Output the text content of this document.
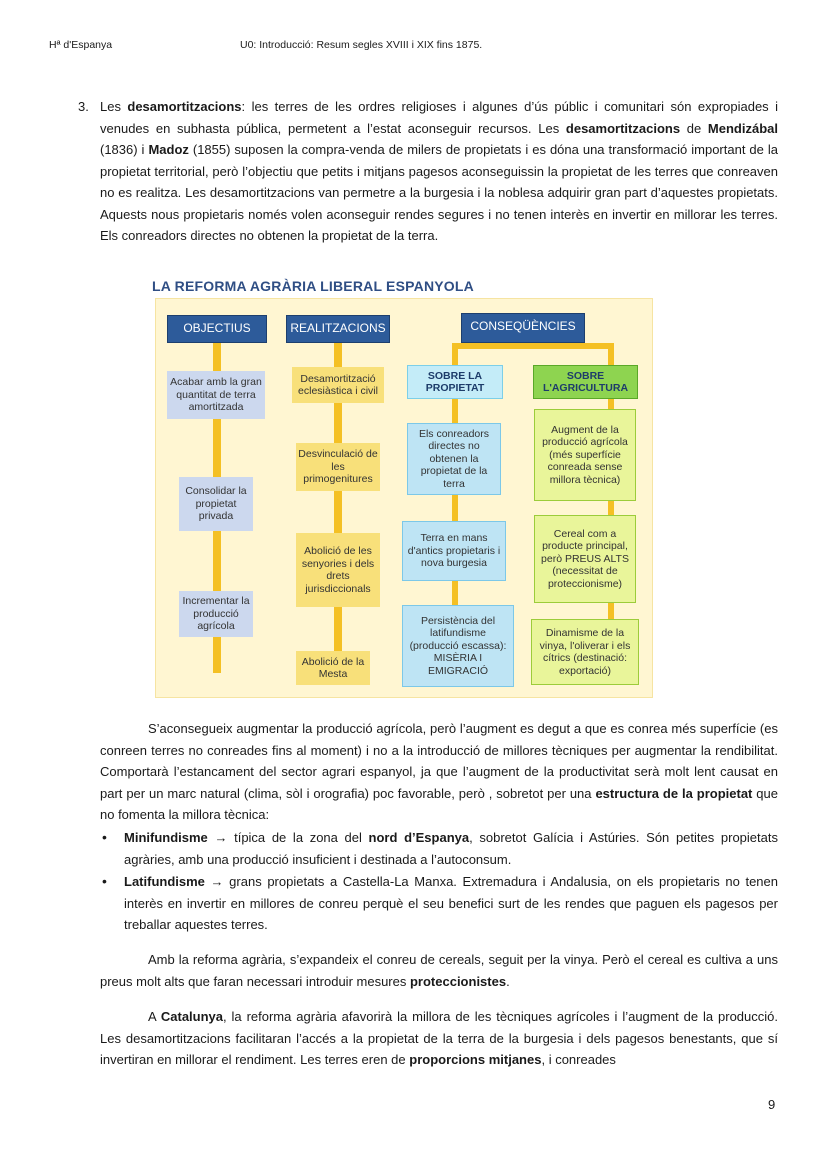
Hª d'Espanya	U0: Introducció: Resum segles XVIII i XIX fins 1875.
3. Les desamortitzacions: les terres de les ordres religioses i algunes d’ús públic i comunitari són expropiades i venudes en subhasta pública, permetent a l’estat aconseguir recursos. Les desamortitzacions de Mendizábal (1836) i Madoz (1855) suposen la compra-venda de milers de propietats i es dóna una transformació important de la propietat territorial, però l’objectiu que petits i mitjans pagesos aconseguissin la propietat de les terres que conreaven no es realitza. Les desamortitzacions van permetre a la burgesia i la noblesa adquirir gran part d’aquestes propietats. Aquests nous propietaris només volen aconseguir rendes segures i no tenen interès en invertir en millorar les terres. Els conreadors directes no obtenen la propietat de la terra.

LA REFORMA AGRÀRIA LIBERAL ESPANYOLA
OBJECTIUS	REALITZACIONS	CONSEQÜÈNCIES
SOBRE LA PROPIETAT
SOBRE L'AGRICULTURA
Acabar amb la gran quantitat de terra amortitzada
Consolidar la propietat privada
Incrementar la producció agrícola
Desamortització eclesiàstica i civil
Desvinculació de les primogenitures
Abolició de les senyories i dels drets jurisdiccionals
Abolició de la Mesta
Els conreadors directes no obtenen la propietat de la terra
Terra en mans d'antics propietaris i nova burgesia
Persistència del latifundisme (producció escassa): MISÈRIA I EMIGRACIÓ
Augment de la producció agrícola (més superfície conreada sense millora tècnica)
Cereal com a producte principal, però PREUS ALTS (necessitat de proteccionisme)
Dinamisme de la vinya, l'oliverar i els cítrics (destinació: exportació)

S’aconsegueix augmentar la producció agrícola, però l’augment es degut a que es conrea més superfície (es conreen terres no conreades fins al moment) i no a la introducció de millores tècniques per augmentar la rendibilitat. Comportarà l’estancament del sector agrari espanyol, ja que l’augment de la productivitat serà molt lent causat en part per un marc natural (clima, sòl i orografia) poc favorable, però , sobretot per una estructura de la propietat que no fomenta la millora tècnica:

• Minifundisme → típica de la zona del nord d’Espanya, sobretot Galícia i Astúries. Són petites propietats agràries, amb una producció insuficient i destinada a l’autoconsum.

• Latifundisme → grans propietats a Castella-La Manxa. Extremadura i Andalusia, on els propietaris no tenen interès en invertir en millores de conreu perquè el seu benefici surt de les rendes que paguen els pagesos per treballar aquestes terres.

Amb la reforma agrària, s’expandeix el conreu de cereals, seguit per la vinya. Però el cereal es cultiva a uns preus molt alts que faran necessari introduir mesures proteccionistes.

A Catalunya, la reforma agrària afavorirà la millora de les tècniques agrícoles i l’augment de la producció. Les desamortitzacions facilitaran l’accés a la propietat de la terra de la burgesia i dels pagesos benestants, que sí invertiran en millorar el rendiment. Les terres eren de proporcions mitjanes, i conreades

9
